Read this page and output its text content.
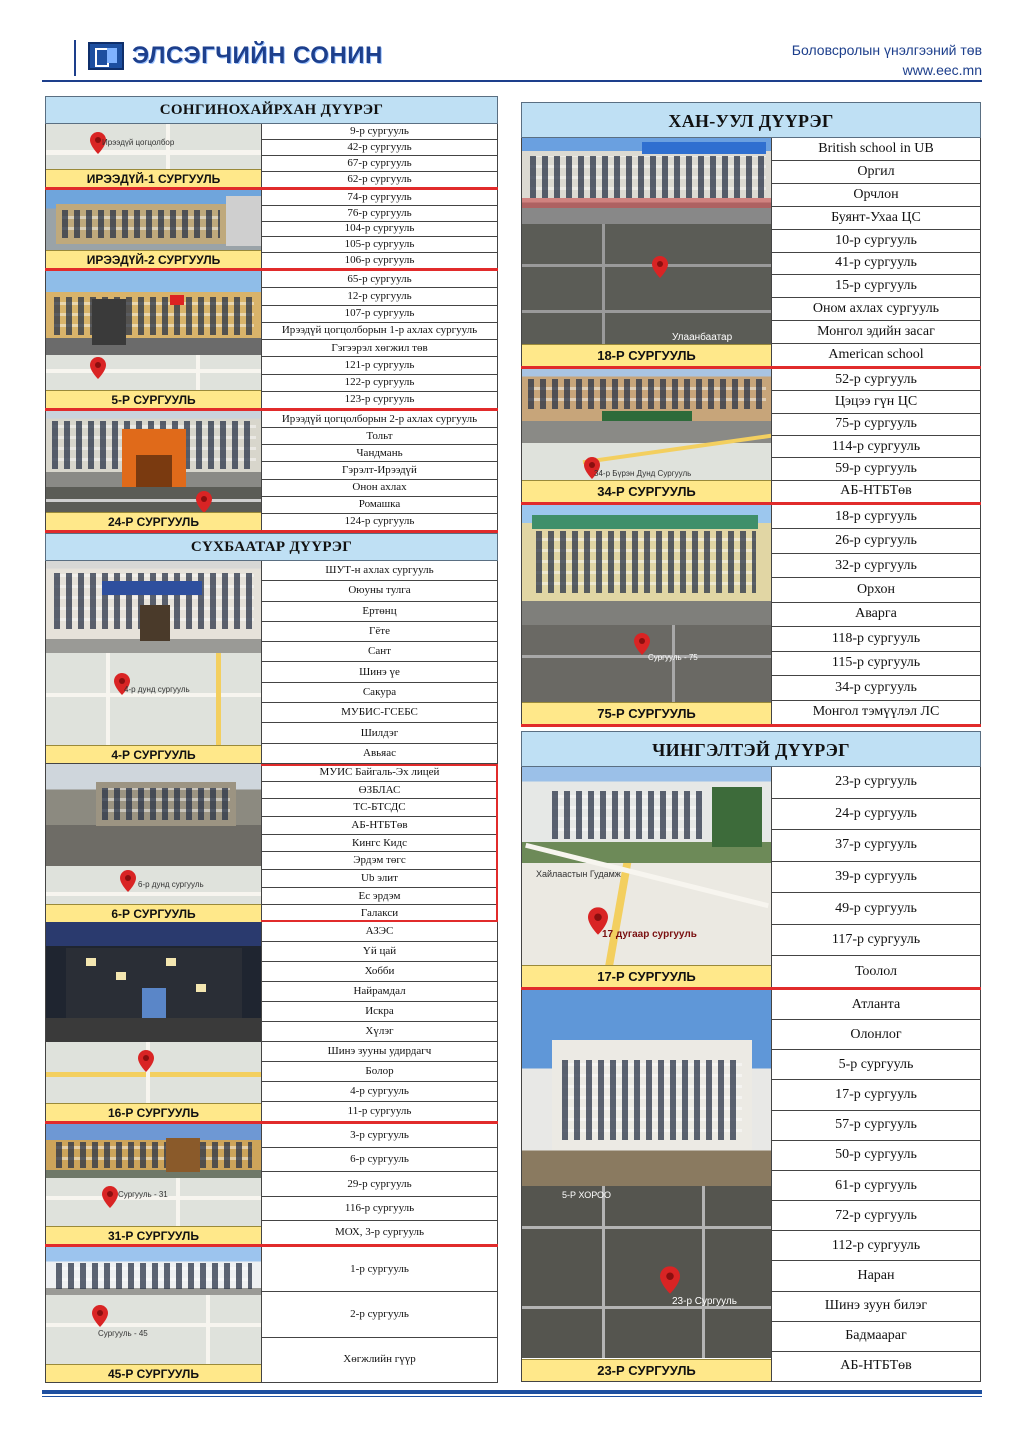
ЭЛСЭГЧИЙН СОНИН	Боловсролын үнэлгээний төв
www.eec.mn
СОНГИНОХАЙРХАН ДҮҮРЭГ
Ирээдүй цогцолбор
ИРЭЭДҮЙ-1 СУРГУУЛЬ
9-р сургууль
42-р сургууль
67-р сургууль
62-р сургууль
ИРЭЭДҮЙ-2 СУРГУУЛЬ
74-р сургууль
76-р сургууль
104-р сургууль
105-р сургууль
106-р сургууль
5-Р СУРГУУЛЬ
65-р сургууль
12-р сургууль
107-р сургууль
Ирээдүй цогцолборын 1-р ахлах сургууль
Гэгээрэл хөгжил төв
121-р сургууль
122-р сургууль
123-р сургууль
24-Р СУРГУУЛЬ
Ирээдүй цогцолборын 2-р ахлах сургууль
Тольт
Чандмань
Гэрэлт-Ирээдүй
Онон ахлах
Ромашка
124-р сургууль
СҮХБААТАР ДҮҮРЭГ
4-р дунд сургууль
4-Р СУРГУУЛЬ
ШУТ-н ахлах сургууль
Оюуны тулга
Ертөнц
Гёте
Сант
Шинэ үе
Сакура
МУБИС-ГСЕБС
Шилдэг
Авьяас
6-р дунд сургууль
6-Р СУРГУУЛЬ
МУИС Байгаль-Эх лицей
ӨЗБЛАС
ТС-БТСДС
АБ-НТБТөв
Кингс Кидс
Эрдэм төгс
Ub элит
Ес эрдэм
Галакси
16-Р СУРГУУЛЬ
АЗЭС
Үй цай
Хобби
Найрамдал
Искра
Хүлэг
Шинэ зууны удирдагч
Болор
4-р сургууль
11-р сургууль
Сургууль - 31
31-Р СУРГУУЛЬ
3-р сургууль
6-р сургууль
29-р сургууль
116-р сургууль
МОХ, 3-р сургууль
Сургууль - 45
45-Р СУРГУУЛЬ
1-р сургууль
2-р сургууль
Хөгжлийн гүүр
ХАН-УУЛ ДҮҮРЭГ
Улаанбаатар
18-Р СУРГУУЛЬ
British school in UB
Оргил
Орчлон
Буянт-Ухаа ЦС
10-р сургууль
41-р сургууль
15-р сургууль
Оном ахлах сургууль
Монгол эдийн засаг
American school
34-р Бүрэн Дунд Сургууль
34-Р СУРГУУЛЬ
52-р сургууль
Цэцээ гүн ЦС
75-р сургууль
114-р сургууль
59-р сургууль
АБ-НТБТөв
Сургууль - 75
75-Р СУРГУУЛЬ
18-р сургууль
26-р сургууль
32-р сургууль
Орхон
Аварга
118-р сургууль
115-р сургууль
34-р сургууль
Монгол тэмүүлэл ЛС
ЧИНГЭЛТЭЙ ДҮҮРЭГ
17 дугаар сургууль
Хайлаастын Гудамж
17-Р СУРГУУЛЬ
23-р сургууль
24-р сургууль
37-р сургууль
39-р сургууль
49-р сургууль
117-р сургууль
Тоолол
5-Р ХОРОО
23-р Сургууль
23-Р СУРГУУЛЬ
Атланта
Олонлог
5-р сургууль
17-р сургууль
57-р сургууль
50-р сургууль
61-р сургууль
72-р сургууль
112-р сургууль
Наран
Шинэ зуун билэг
Бадмаараг
АБ-НТБТөв
